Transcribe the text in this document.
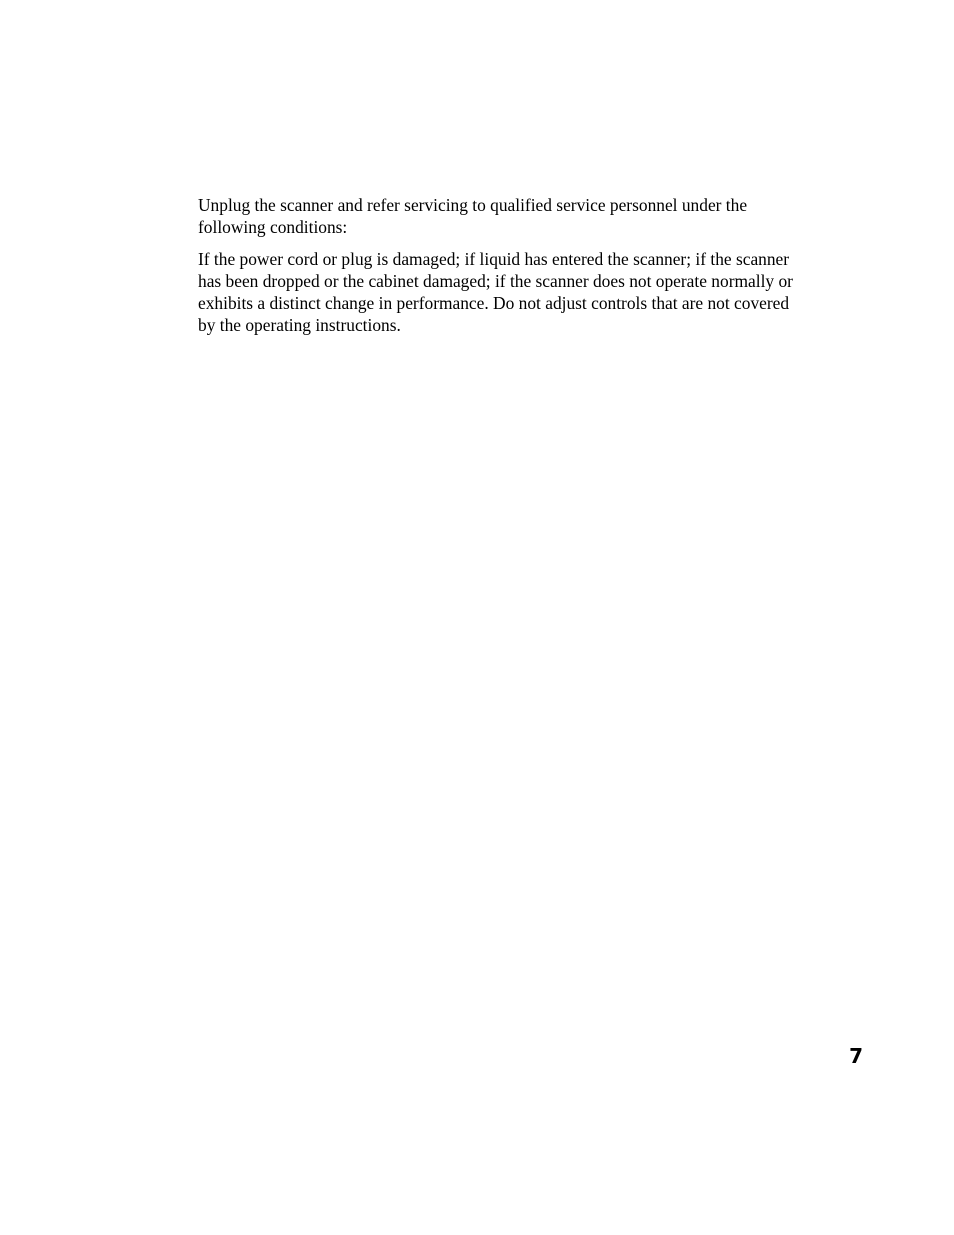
Unplug the scanner and refer servicing to qualified service personnel under the following conditions:

If the power cord or plug is damaged; if liquid has entered the scanner; if the scanner has been dropped or the cabinet damaged; if the scanner does not operate normally or exhibits a distinct change in performance. Do not adjust controls that are not covered by the operating instructions.

7
